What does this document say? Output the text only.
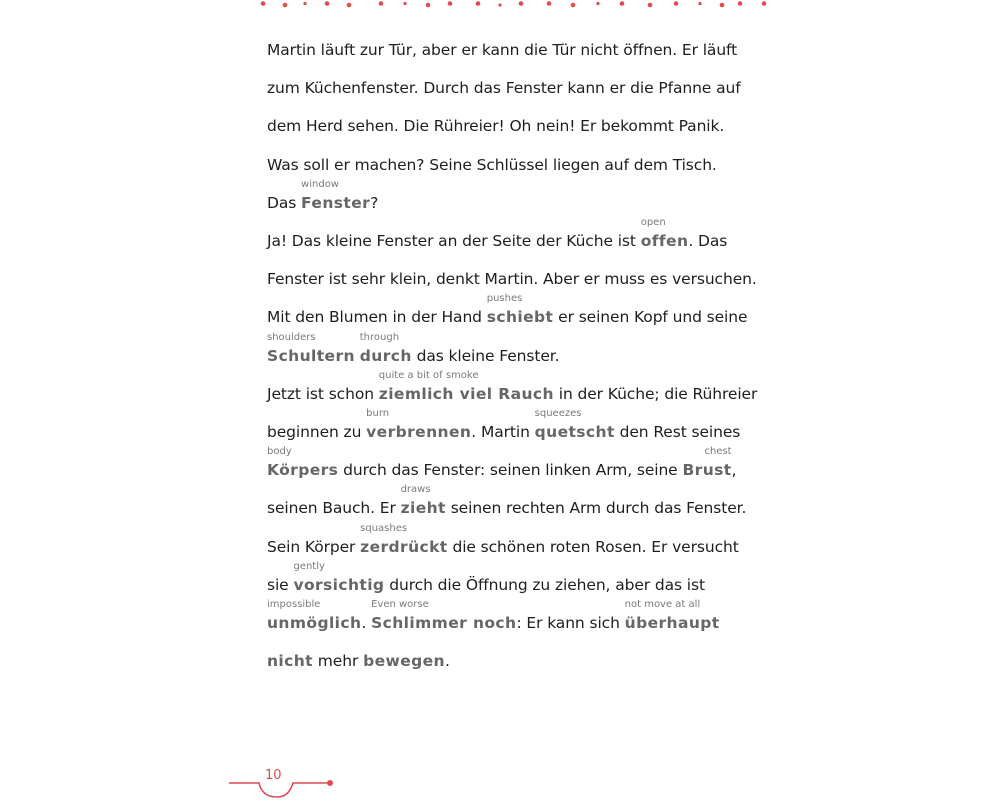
Martin läuft zur Tür, aber er kann die Tür nicht öffnen. Er läuft
zum Küchenfenster. Durch das Fenster kann er die Pfanne auf
dem Herd sehen. Die Rühreier! Oh nein! Er bekommt Panik.
Was soll er machen? Seine Schlüssel liegen auf dem Tisch.
Das Fenster
window
?
Ja! Das kleine Fenster an der Seite der Küche ist offen
open
. Das
Fenster ist sehr klein, denkt Martin. Aber er muss es versuchen.
Mit den Blumen in der Hand schiebt
pushes
er seinen Kopf und seine
Schultern
shoulders
durch
through
das kleine Fenster.
Jetzt ist schon ziemlich viel Rauch
quite a bit of smoke
in der Küche; die Rühreier
beginnen zu verbrennen
burn
. Martin quetscht
squeezes
den Rest seines
Körpers
body
durch das Fenster: seinen linken Arm, seine Brust
chest
,
seinen Bauch. Er zieht
draws
seinen rechten Arm durch das Fenster.
Sein Körper zerdrückt
squashes
die schönen roten Rosen. Er versucht
sie vorsichtig
gently
durch die Öffnung zu ziehen, aber das ist
unmöglich
impossible
. Schlimmer noch
Even worse
: Er kann sich überhaupt
not move at all
nicht mehr bewegen.
10
